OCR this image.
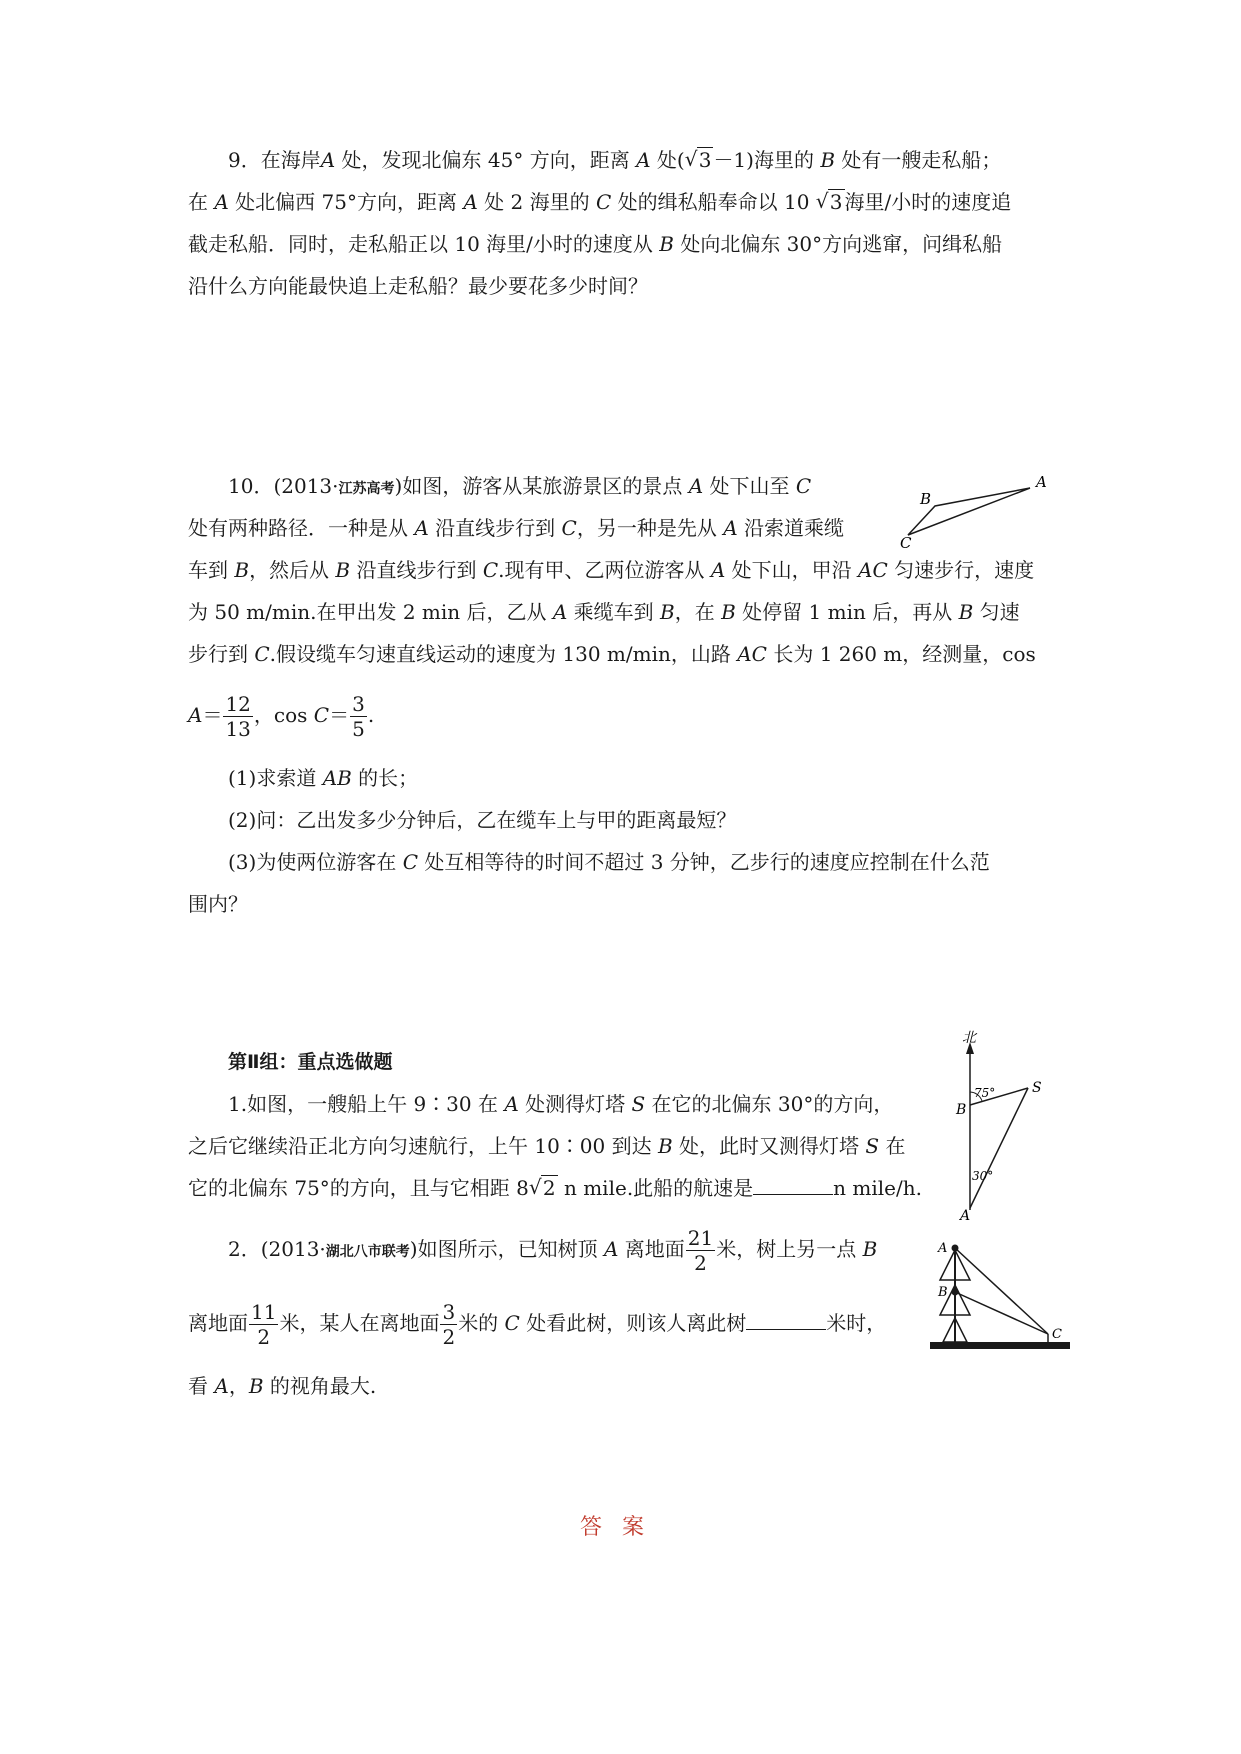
9．在海岸A 处，发现北偏东 45° 方向，距离 A 处( √ 3 －1)海里的 B 处有一艘走私船；
在 A 处北偏西 75°方向，距离 A 处 2 海里的 C 处的缉私船奉命以 10 √ 3 海里/小时的速度追
截走私船．同时，走私船正以 10 海里/小时的速度从 B 处向北偏东 30°方向逃窜，问缉私船
沿什么方向能最快追上走私船？最少要花多少时间？
10．(2013·江苏高考)如图，游客从某旅游景区的景点 A 处下山至 C
处有两种路径．一种是从 A 沿直线步行到 C，另一种是先从 A 沿索道乘缆
车到 B，然后从 B 沿直线步行到 C.现有甲、乙两位游客从 A 处下山，甲沿 AC 匀速步行，速度
为 50 m/min.在甲出发 2 min 后，乙从 A 乘缆车到 B，在 B 处停留 1 min 后，再从 B 匀速
步行到 C.假设缆车匀速直线运动的速度为 130 m/min，山路 AC 长为 1 260 m，经测量，cos
$A= \frac{12}{13}$ ，$\cos C= \frac{3}{5}$ .
(1)求索道 AB 的长；
(2)问：乙出发多少分钟后，乙在缆车上与甲的距离最短？
(3)为使两位游客在 C 处互相等待的时间不超过 3 分钟，乙步行的速度应控制在什么范
围内？
A
B
C
第Ⅱ组：重点选做题
1.如图，一艘船上午 9∶30 在 A 处测得灯塔 S 在它的北偏东 30°的方向，
之后它继续沿正北方向匀速航行，上午 10∶00 到达 B 处，此时又测得灯塔 S 在
它的北偏东 75°的方向，且与它相距 8 √ 2 n mile.此船的航速是	n mile/h.
北
75°
30°
B
S
A
2．(2013·湖北八市联考)如图所示，已知树顶 A 离地面 $\frac{21}{2}$ 米，树上另一点 B
离地面 $\frac{11}{2}$ 米，某人在离地面 $\frac{3}{2}$ 米的 C 处看此树，则该人离此树	米时，
看 A，B 的视角最大.
A
B
C
答案
